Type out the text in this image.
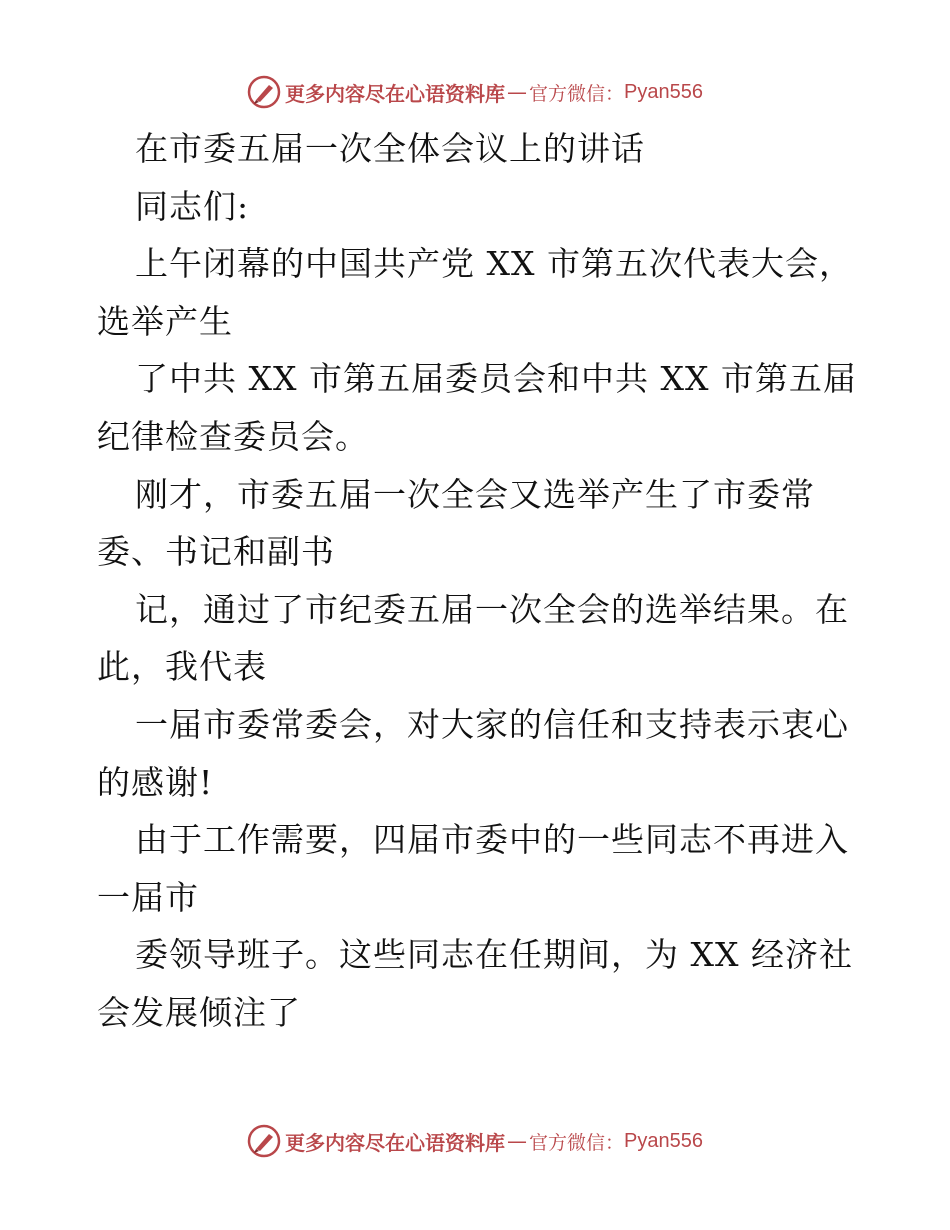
更多内容尽在心语资料库 — 官方微信： Pyan556
在市委五届一次全体会议上的讲话
同志们:
上午闭幕的中国共产党 XX 市第五次代表大会，
选举产生
了中共 XX 市第五届委员会和中共 XX 市第五届
纪律检查委员会。
刚才，市委五届一次全会又选举产生了市委常
委、书记和副书
记，通过了市纪委五届一次全会的选举结果。在
此，我代表
一届市委常委会，对大家的信任和支持表示衷心
的感谢!
由于工作需要，四届市委中的一些同志不再进入
一届市
委领导班子。这些同志在任期间，为 XX 经济社
会发展倾注了
更多内容尽在心语资料库 — 官方微信： Pyan556
